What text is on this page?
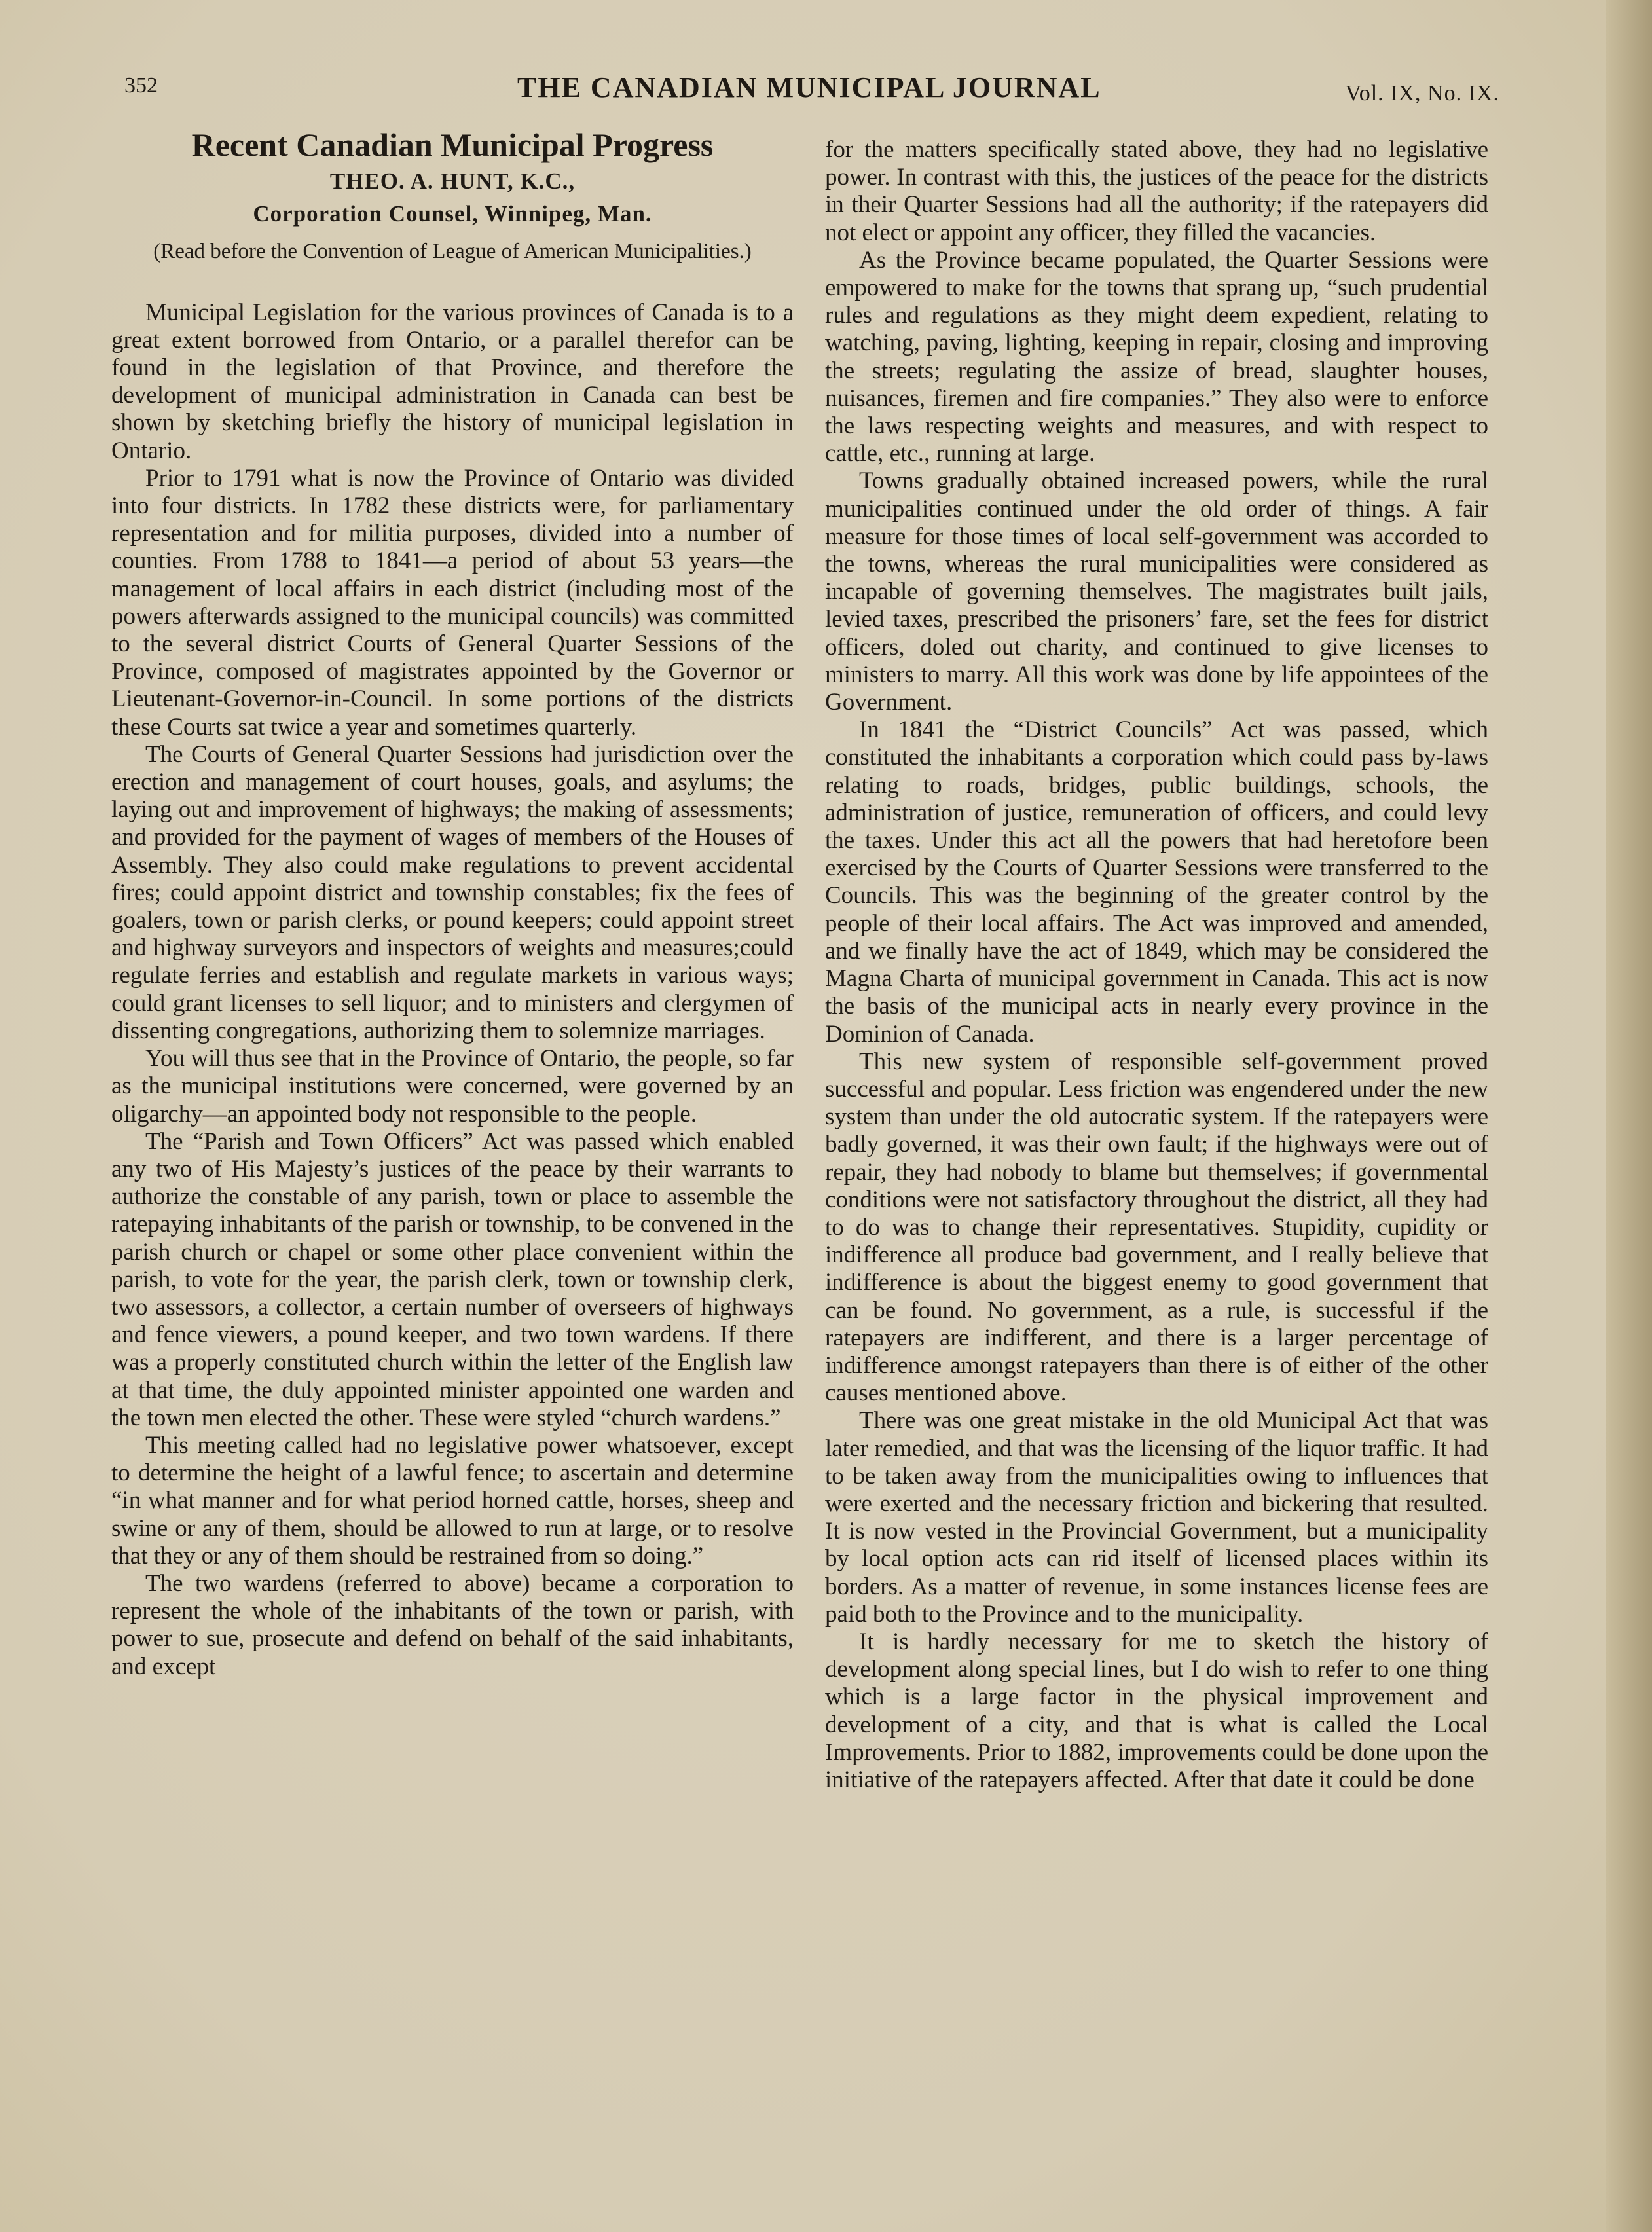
352	THE CANADIAN MUNICIPAL JOURNAL	Vol. IX, No. IX.
Recent Canadian Municipal Progress
THEO. A. HUNT, K.C.,
Corporation Counsel, Winnipeg, Man.
(Read before the Convention of League of American Municipalities.)

Municipal Legislation for the various provinces of Canada is to a great extent borrowed from Ontario, or a parallel therefor can be found in the legislation of that Province, and therefore the development of municipal administration in Canada can best be shown by sketching briefly the history of municipal legislation in Ontario.

Prior to 1791 what is now the Province of Ontario was divided into four districts. In 1782 these districts were, for parliamentary representation and for militia purposes, divided into a number of counties. From 1788 to 1841—a period of about 53 years—the management of local affairs in each district (including most of the powers afterwards assigned to the municipal councils) was committed to the several district Courts of General Quarter Sessions of the Province, composed of magistrates appointed by the Governor or Lieutenant-Governor-in-Council. In some portions of the districts these Courts sat twice a year and sometimes quarterly.

The Courts of General Quarter Sessions had jurisdiction over the erection and management of court houses, goals, and asylums; the laying out and improvement of highways; the making of assessments; and provided for the payment of wages of members of the Houses of Assembly. They also could make regulations to prevent accidental fires; could appoint district and township constables; fix the fees of goalers, town or parish clerks, or pound keepers; could appoint street and highway surveyors and inspectors of weights and measures;could regulate ferries and establish and regulate markets in various ways; could grant licenses to sell liquor; and to ministers and clergymen of dissenting congregations, authorizing them to solemnize marriages.

You will thus see that in the Province of Ontario, the people, so far as the municipal institutions were concerned, were governed by an oligarchy—an appointed body not responsible to the people.

The “Parish and Town Officers” Act was passed which enabled any two of His Majesty’s justices of the peace by their warrants to authorize the constable of any parish, town or place to assemble the ratepaying inhabitants of the parish or township, to be convened in the parish church or chapel or some other place convenient within the parish, to vote for the year, the parish clerk, town or township clerk, two assessors, a collector, a certain number of overseers of highways and fence viewers, a pound keeper, and two town wardens. If there was a properly constituted church within the letter of the English law at that time, the duly appointed minister appointed one warden and the town men elected the other. These were styled “church wardens.”

This meeting called had no legislative power whatsoever, except to determine the height of a lawful fence; to ascertain and determine “in what manner and for what period horned cattle, horses, sheep and swine or any of them, should be allowed to run at large, or to resolve that they or any of them should be restrained from so doing.”

The two wardens (referred to above) became a corporation to represent the whole of the inhabitants of the town or parish, with power to sue, prosecute and defend on behalf of the said inhabitants, and except

for the matters specifically stated above, they had no legislative power. In contrast with this, the justices of the peace for the districts in their Quarter Sessions had all the authority; if the ratepayers did not elect or appoint any officer, they filled the vacancies.

As the Province became populated, the Quarter Sessions were empowered to make for the towns that sprang up, “such prudential rules and regulations as they might deem expedient, relating to watching, paving, lighting, keeping in repair, closing and improving the streets; regulating the assize of bread, slaughter houses, nuisances, firemen and fire companies.” They also were to enforce the laws respecting weights and measures, and with respect to cattle, etc., running at large.

Towns gradually obtained increased powers, while the rural municipalities continued under the old order of things. A fair measure for those times of local self-government was accorded to the towns, whereas the rural municipalities were considered as incapable of governing themselves. The magistrates built jails, levied taxes, prescribed the prisoners’ fare, set the fees for district officers, doled out charity, and continued to give licenses to ministers to marry. All this work was done by life appointees of the Government.

In 1841 the “District Councils” Act was passed, which constituted the inhabitants a corporation which could pass by-laws relating to roads, bridges, public buildings, schools, the administration of justice, remuneration of officers, and could levy the taxes. Under this act all the powers that had heretofore been exercised by the Courts of Quarter Sessions were transferred to the Councils. This was the beginning of the greater control by the people of their local affairs. The Act was improved and amended, and we finally have the act of 1849, which may be considered the Magna Charta of municipal government in Canada. This act is now the basis of the municipal acts in nearly every province in the Dominion of Canada.

This new system of responsible self-government proved successful and popular. Less friction was engendered under the new system than under the old autocratic system. If the ratepayers were badly governed, it was their own fault; if the highways were out of repair, they had nobody to blame but themselves; if governmental conditions were not satisfactory throughout the district, all they had to do was to change their representatives. Stupidity, cupidity or indifference all produce bad government, and I really believe that indifference is about the biggest enemy to good government that can be found. No government, as a rule, is successful if the ratepayers are indifferent, and there is a larger percentage of indifference amongst ratepayers than there is of either of the other causes mentioned above.

There was one great mistake in the old Municipal Act that was later remedied, and that was the licensing of the liquor traffic. It had to be taken away from the municipalities owing to influences that were exerted and the necessary friction and bickering that resulted. It is now vested in the Provincial Government, but a municipality by local option acts can rid itself of licensed places within its borders. As a matter of revenue, in some instances license fees are paid both to the Province and to the municipality.

It is hardly necessary for me to sketch the history of development along special lines, but I do wish to refer to one thing which is a large factor in the physical improvement and development of a city, and that is what is called the Local Improvements. Prior to 1882, improvements could be done upon the initiative of the ratepayers affected. After that date it could be done
